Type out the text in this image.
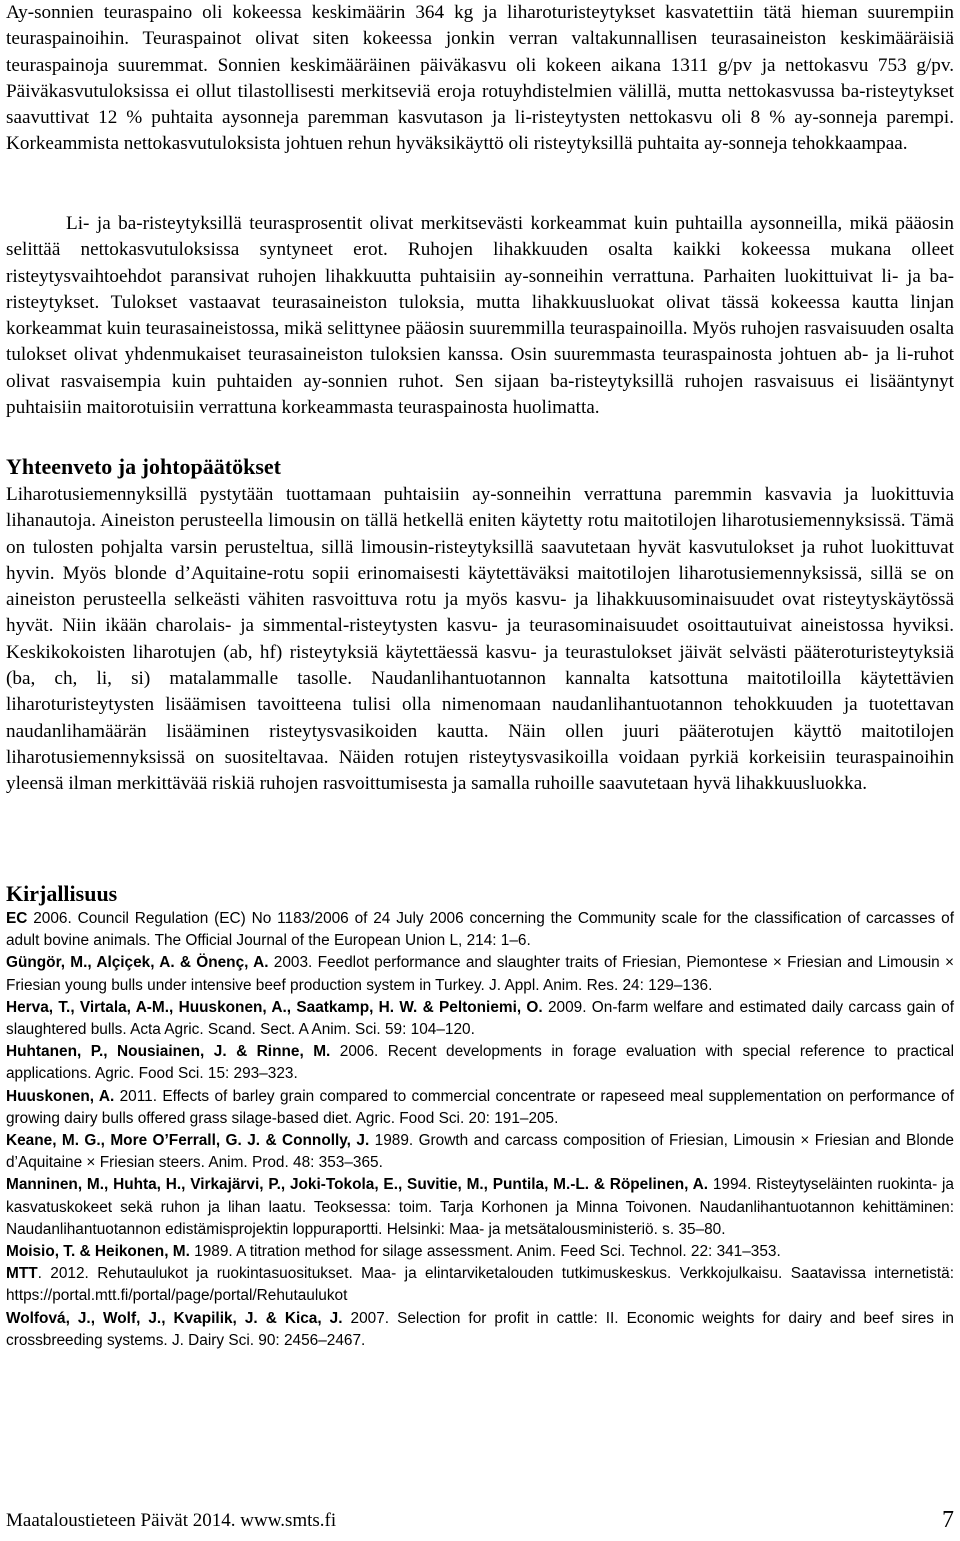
Ay-sonnien teuraspaino oli kokeessa keskimäärin 364 kg ja liharoturisteytykset kasvatettiin tätä hieman suurempiin teuraspainoihin. Teuraspainot olivat siten kokeessa jonkin verran valtakunnallisen teurasaineiston keskimääräisiä teuraspainoja suuremmat. Sonnien keskimääräinen päiväkasvu oli kokeen aikana 1311 g/pv ja nettokasvu 753 g/pv. Päiväkasvutuloksissa ei ollut tilastollisesti merkitseviä eroja rotuyhdistelmien välillä, mutta nettokasvussa ba-risteytykset saavuttivat 12 % puhtaita aysonneja paremman kasvutason ja li-risteytysten nettokasvu oli 8 % ay-sonneja parempi. Korkeammista nettokasvutuloksista johtuen rehun hyväksikäyttö oli risteytyksillä puhtaita ay-sonneja tehokkaampaa.

Li- ja ba-risteytyksillä teurasprosentit olivat merkitsevästi korkeammat kuin puhtailla aysonneilla, mikä pääosin selittää nettokasvutuloksissa syntyneet erot. Ruhojen lihakkuuden osalta kaikki kokeessa mukana olleet risteytysvaihtoehdot paransivat ruhojen lihakkuutta puhtaisiin ay-sonneihin verrattuna. Parhaiten luokittuivat li- ja ba-risteytykset. Tulokset vastaavat teurasaineiston tuloksia, mutta lihakkuusluokat olivat tässä kokeessa kautta linjan korkeammat kuin teurasaineistossa, mikä selittynee pääosin suuremmilla teuraspainoilla. Myös ruhojen rasvaisuuden osalta tulokset olivat yhdenmukaiset teurasaineiston tuloksien kanssa. Osin suuremmasta teuraspainosta johtuen ab- ja li-ruhot olivat rasvaisempia kuin puhtaiden ay-sonnien ruhot. Sen sijaan ba-risteytyksillä ruhojen rasvaisuus ei lisääntynyt puhtaisiin maitorotuisiin verrattuna korkeammasta teuraspainosta huolimatta.

Yhteenveto ja johtopäätökset

Liharotusiemennyksillä pystytään tuottamaan puhtaisiin ay-sonneihin verrattuna paremmin kasvavia ja luokittuvia lihanautoja. Aineiston perusteella limousin on tällä hetkellä eniten käytetty rotu maitotilojen liharotusiemennyksissä. Tämä on tulosten pohjalta varsin perusteltua, sillä limousin-risteytyksillä saavutetaan hyvät kasvutulokset ja ruhot luokittuvat hyvin. Myös blonde d’Aquitaine-rotu sopii erinomaisesti käytettäväksi maitotilojen liharotusiemennyksissä, sillä se on aineiston perusteella selkeästi vähiten rasvoittuva rotu ja myös kasvu- ja lihakkuusominaisuudet ovat risteytyskäytössä hyvät. Niin ikään charolais- ja simmental-risteytysten kasvu- ja teurasominaisuudet osoittautuivat aineistossa hyviksi. Keskikokoisten liharotujen (ab, hf) risteytyksiä käytettäessä kasvu- ja teurastulokset jäivät selvästi pääteroturisteytyksiä (ba, ch, li, si) matalammalle tasolle. Naudanlihantuotannon kannalta katsottuna maitotiloilla käytettävien liharoturisteytysten lisäämisen tavoitteena tulisi olla nimenomaan naudanlihantuotannon tehokkuuden ja tuotettavan naudanlihamäärän lisääminen risteytysvasikoiden kautta. Näin ollen juuri pääterotujen käyttö maitotilojen liharotusiemennyksissä on suositeltavaa. Näiden rotujen risteytysvasikoilla voidaan pyrkiä korkeisiin teuraspainoihin yleensä ilman merkittävää riskiä ruhojen rasvoittumisesta ja samalla ruhoille saavutetaan hyvä lihakkuusluokka.

Kirjallisuus

EC 2006. Council Regulation (EC) No 1183/2006 of 24 July 2006 concerning the Community scale for the classification of carcasses of adult bovine animals. The Official Journal of the European Union L, 214: 1–6.

Güngör, M., Alçiçek, A. & Önenç, A. 2003. Feedlot performance and slaughter traits of Friesian, Piemontese × Friesian and Limousin × Friesian young bulls under intensive beef production system in Turkey. J. Appl. Anim. Res. 24: 129–136.

Herva, T., Virtala, A-M., Huuskonen, A., Saatkamp, H. W. & Peltoniemi, O. 2009. On-farm welfare and estimated daily carcass gain of slaughtered bulls. Acta Agric. Scand. Sect. A Anim. Sci. 59: 104–120.

Huhtanen, P., Nousiainen, J. & Rinne, M. 2006. Recent developments in forage evaluation with special reference to practical applications. Agric. Food Sci. 15: 293–323.

Huuskonen, A. 2011. Effects of barley grain compared to commercial concentrate or rapeseed meal supplementation on performance of growing dairy bulls offered grass silage-based diet. Agric. Food Sci. 20: 191–205.

Keane, M. G., More O’Ferrall, G. J. & Connolly, J. 1989. Growth and carcass composition of Friesian, Limousin × Friesian and Blonde d’Aquitaine × Friesian steers. Anim. Prod. 48: 353–365.

Manninen, M., Huhta, H., Virkajärvi, P., Joki-Tokola, E., Suvitie, M., Puntila, M.-L. & Röpelinen, A. 1994. Risteytyseläinten ruokinta- ja kasvatuskokeet sekä ruhon ja lihan laatu. Teoksessa: toim. Tarja Korhonen ja Minna Toivonen. Naudanlihantuotannon kehittäminen: Naudanlihantuotannon edistämisprojektin loppuraportti. Helsinki: Maa- ja metsätalousministeriö. s. 35–80.

Moisio, T. & Heikonen, M. 1989. A titration method for silage assessment. Anim. Feed Sci. Technol. 22: 341–353.

MTT. 2012. Rehutaulukot ja ruokintasuositukset. Maa- ja elintarviketalouden tutkimuskeskus. Verkkojulkaisu. Saatavissa internetistä: https://portal.mtt.fi/portal/page/portal/Rehutaulukot

Wolfová, J., Wolf, J., Kvapilik, J. & Kica, J. 2007. Selection for profit in cattle: II. Economic weights for dairy and beef sires in crossbreeding systems. J. Dairy Sci. 90: 2456–2467.

Maataloustieteen Päivät 2014. www.smts.fi	7
